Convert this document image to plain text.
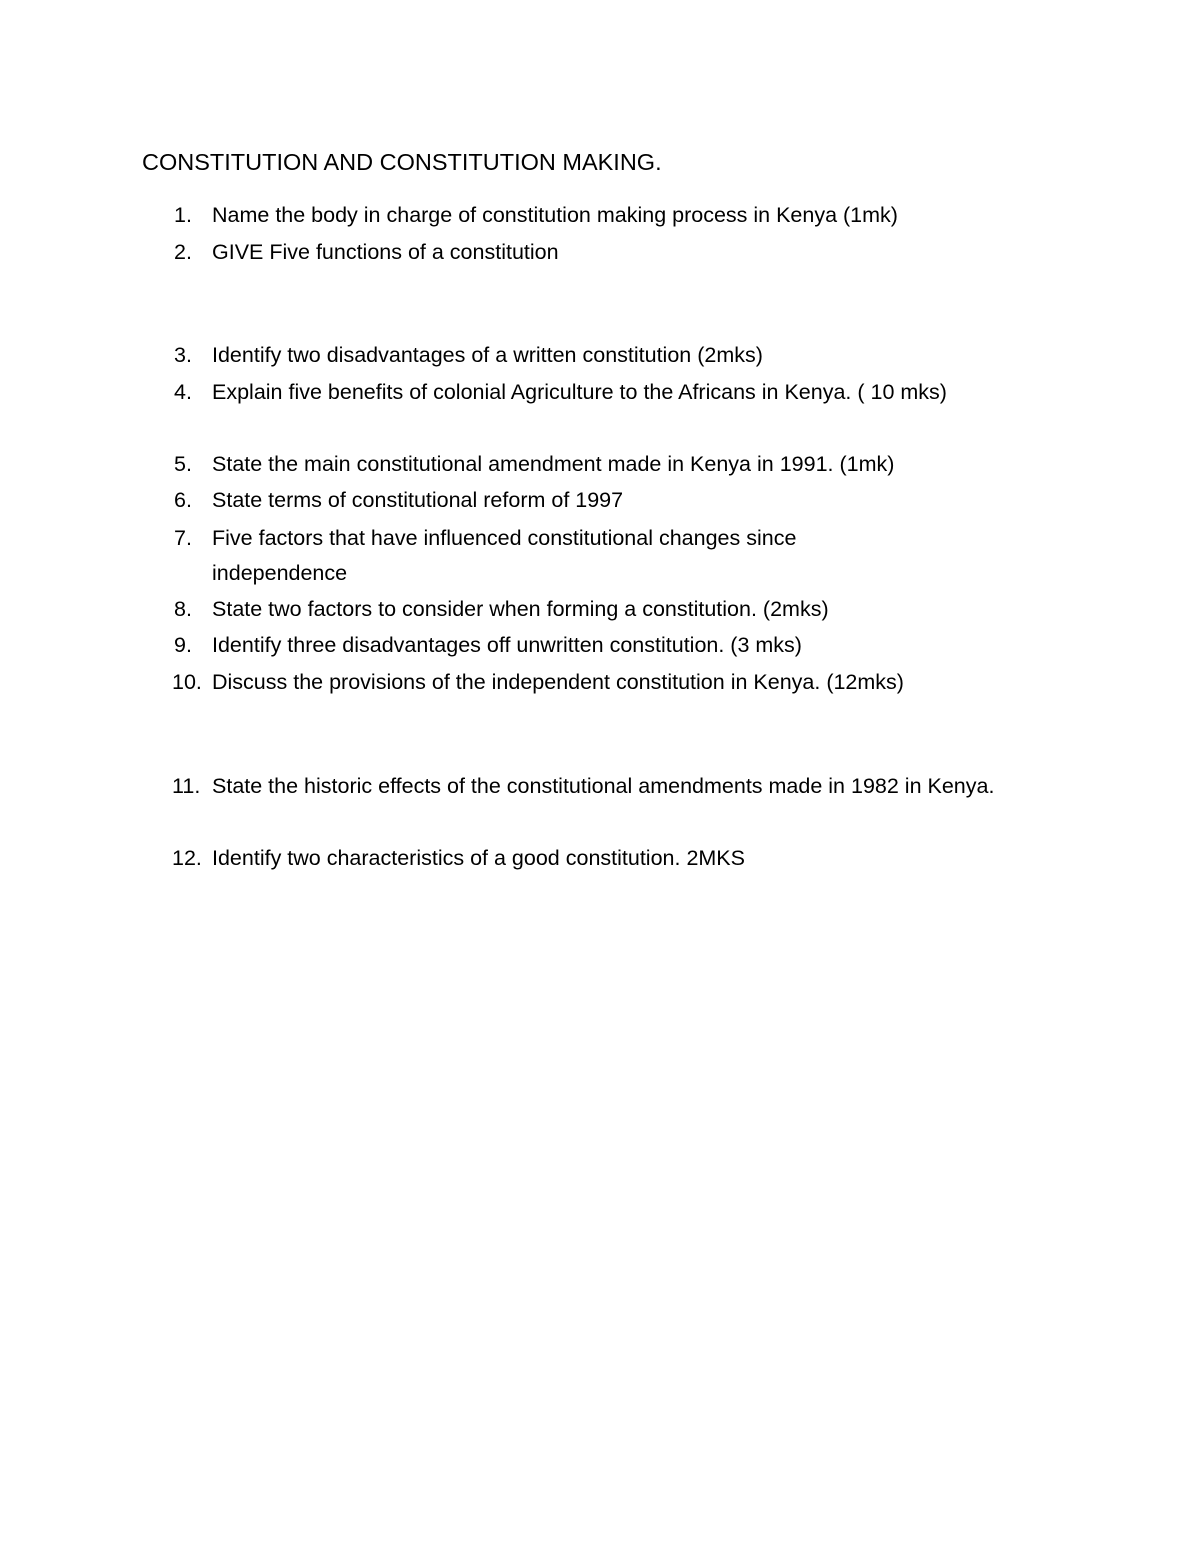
CONSTITUTION AND CONSTITUTION MAKING.
1. Name the body in charge of constitution making process in Kenya (1mk)
2. GIVE Five functions of a constitution
3. Identify two disadvantages of a written constitution (2mks)
4. Explain five benefits of colonial Agriculture to the Africans in Kenya. ( 10 mks)
5. State the main constitutional amendment made in Kenya in 1991. (1mk)
6. State terms of constitutional reform of 1997
7. Five factors that have influenced constitutional changes since independence
8. State two factors to consider when forming a constitution. (2mks)
9. Identify three disadvantages off unwritten constitution. (3 mks)
10. Discuss the provisions of the independent constitution in Kenya. (12mks)
11. State the historic effects of the constitutional amendments made in 1982 in Kenya.
12. Identify two characteristics of a good constitution. 2MKS
